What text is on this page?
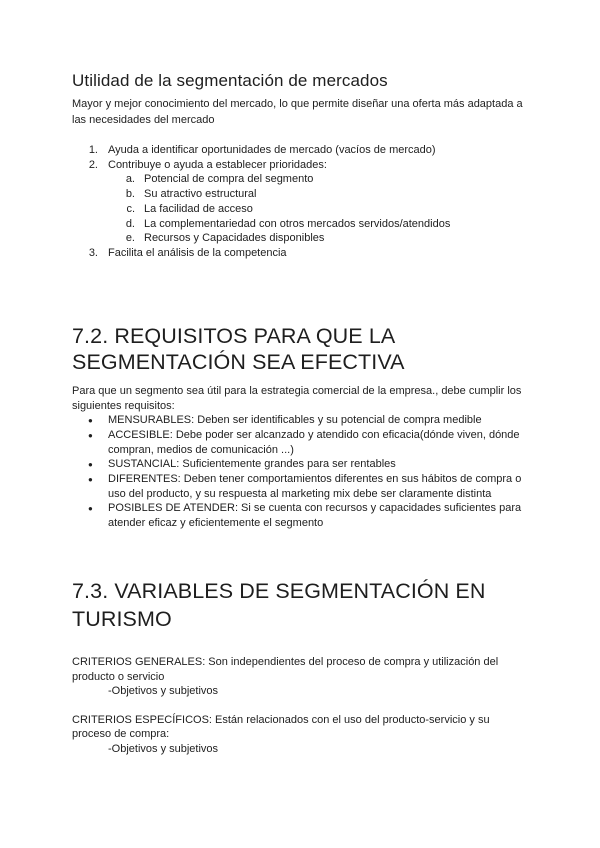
Utilidad de la segmentación de mercados

Mayor y mejor conocimiento del mercado, lo que permite diseñar una oferta más adaptada a

las necesidades del mercado

1. Ayuda a identificar oportunidades de mercado (vacíos de mercado)
2. Contribuye o ayuda a establecer prioridades:
a. Potencial de compra del segmento
b. Su atractivo estructural
c. La facilidad de acceso
d. La complementariedad con otros mercados servidos/atendidos
e. Recursos y Capacidades disponibles
3. Facilita el análisis de la competencia
7.2. REQUISITOS PARA QUE LA
SEGMENTACIÓN SEA EFECTIVA

Para que un segmento sea útil para la estrategia comercial de la empresa., debe cumplir los

siguientes requisitos:

● MENSURABLES: Deben ser identificables y su potencial de compra medible
● ACCESIBLE: Debe poder ser alcanzado y atendido con eficacia(dónde viven, dónde
compran, medios de comunicación ...)
● SUSTANCIAL: Suficientemente grandes para ser rentables
● DIFERENTES: Deben tener comportamientos diferentes en sus hábitos de compra o
uso del producto, y su respuesta al marketing mix debe ser claramente distinta
● POSIBLES DE ATENDER: Si se cuenta con recursos y capacidades suficientes para
atender eficaz y eficientemente el segmento
7.3. VARIABLES DE SEGMENTACIÓN EN
TURISMO

CRITERIOS GENERALES: Son independientes del proceso de compra y utilización del

producto o servicio

-Objetivos y subjetivos

CRITERIOS ESPECÍFICOS: Están relacionados con el uso del producto-servicio y su

proceso de compra:

-Objetivos y subjetivos
